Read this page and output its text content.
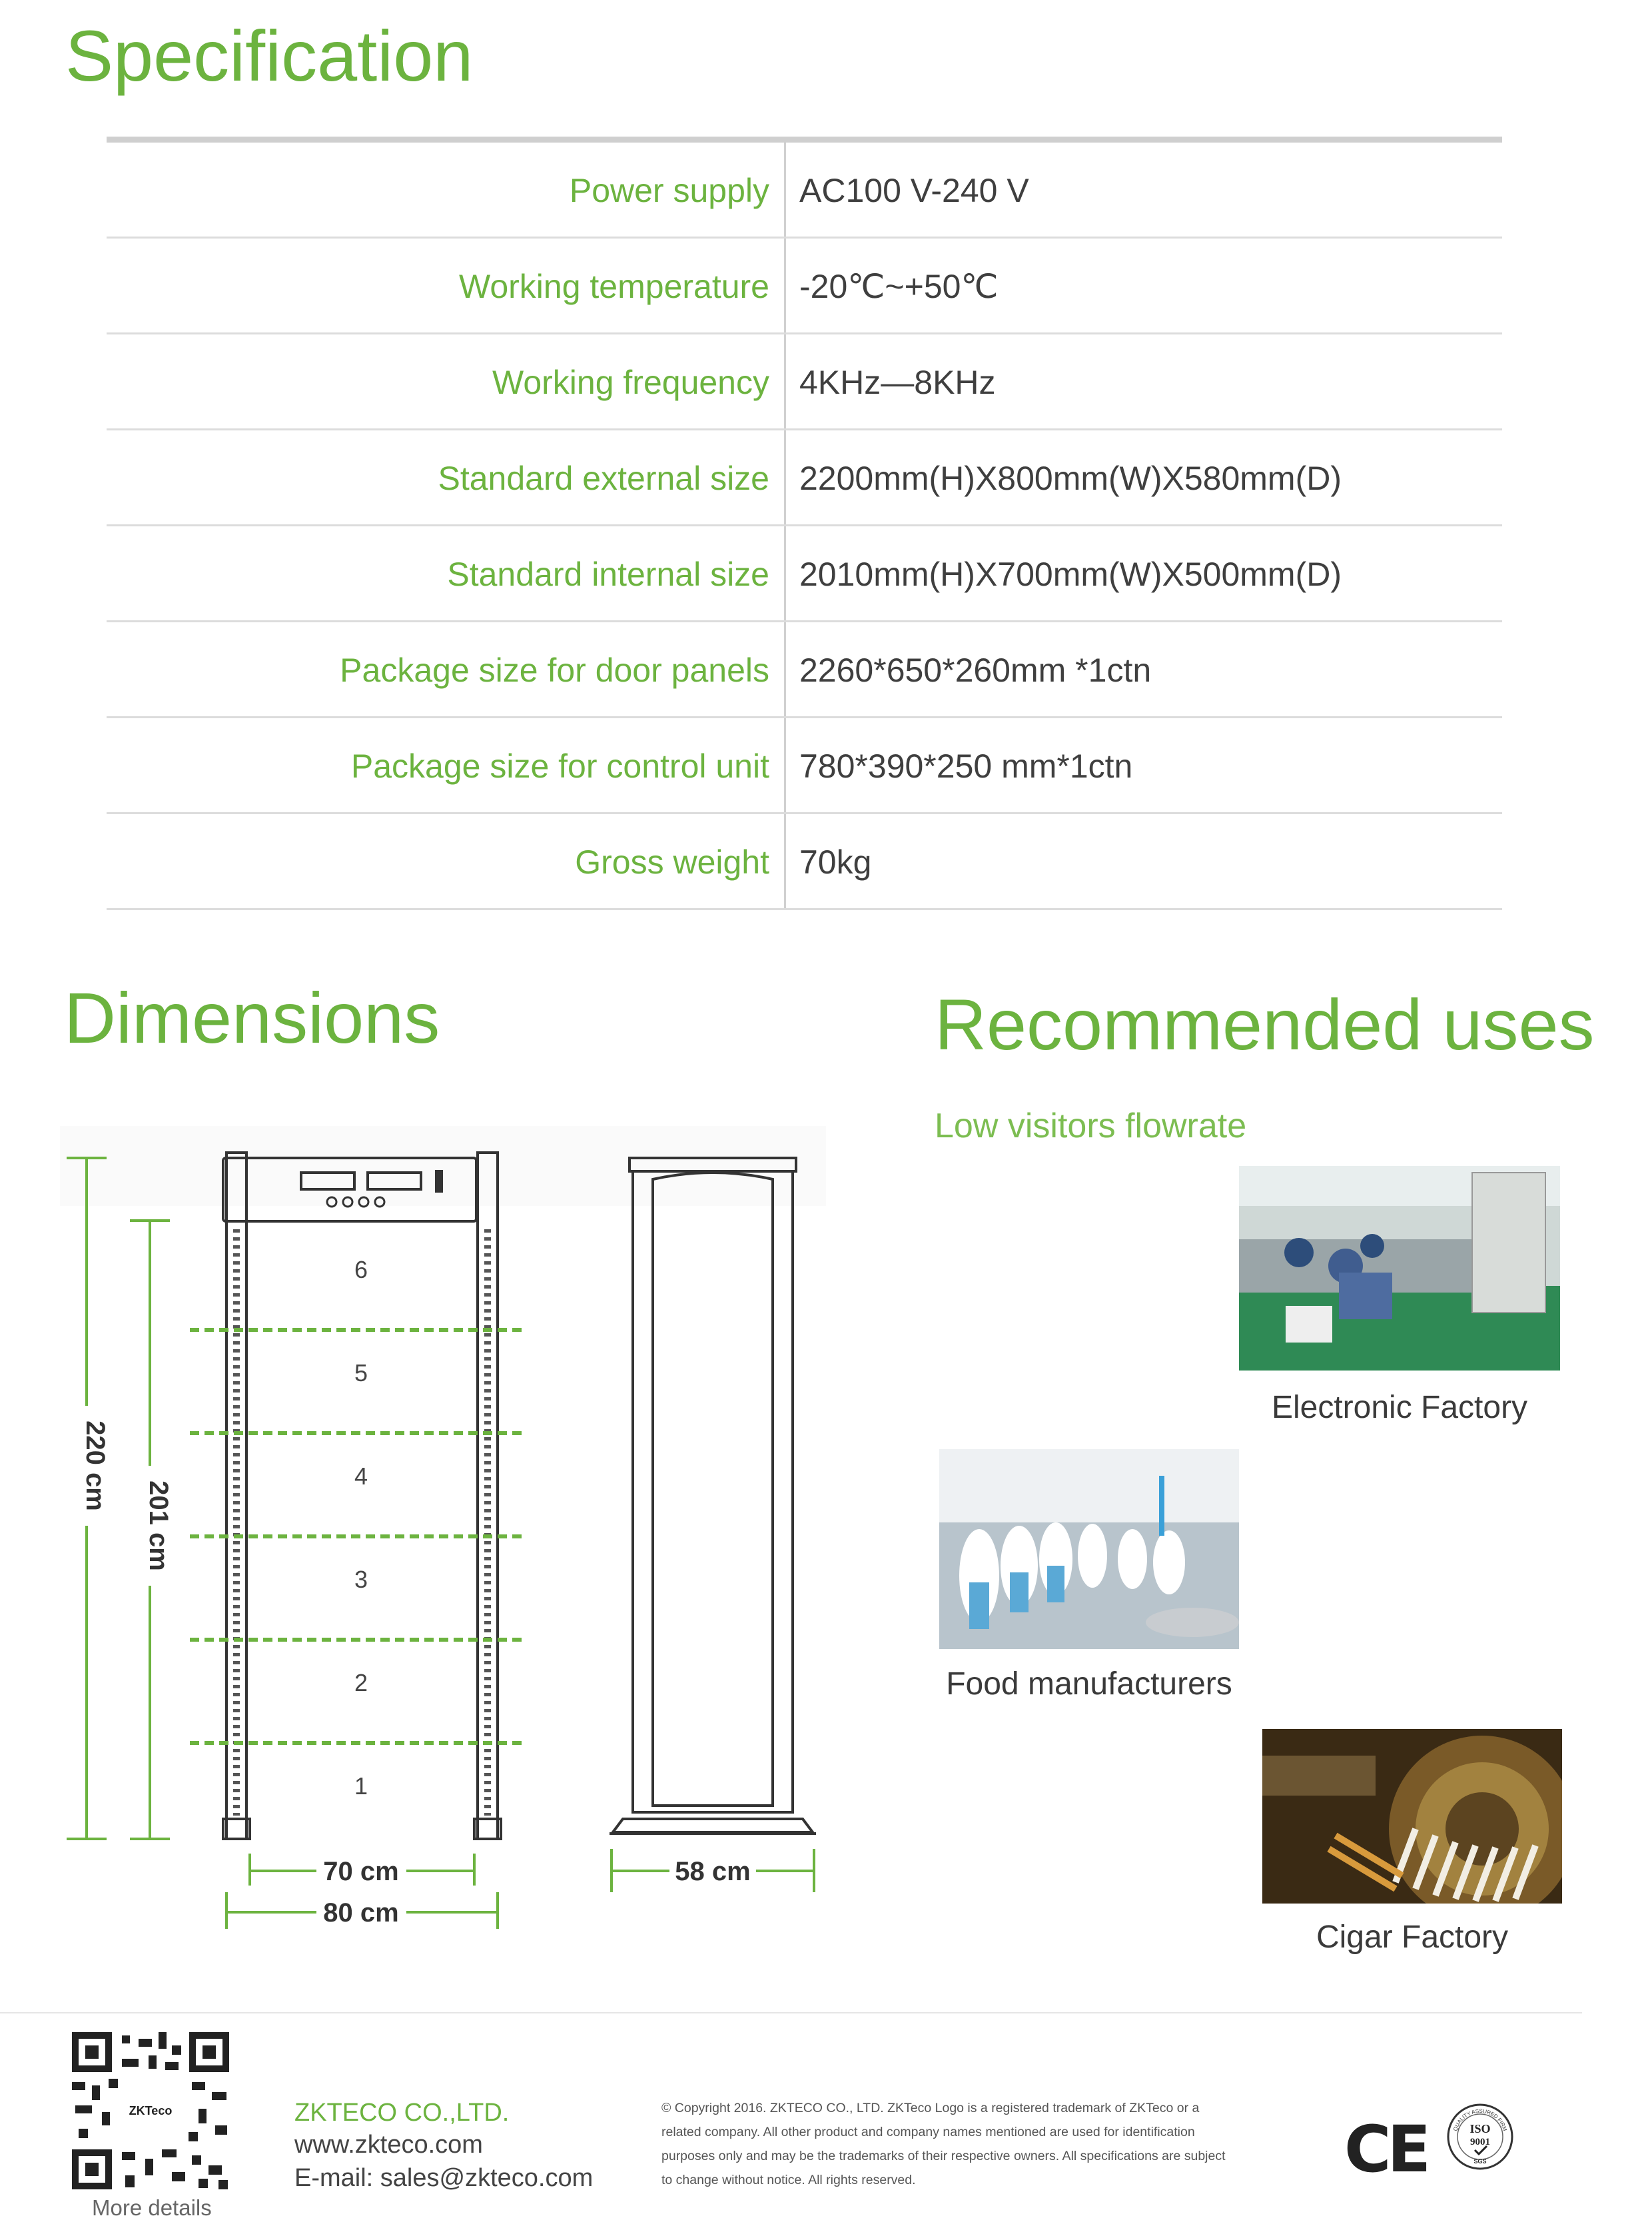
Specification
Power supply AC100 V-240 V
Working temperature -20℃~+50℃
Working frequency 4KHz—8KHz
Standard external size 2200mm(H)X800mm(W)X580mm(D)
Standard internal size 2010mm(H)X700mm(W)X500mm(D)
Package size for door panels 2260*650*260mm *1ctn
Package size for control unit 780*390*250 mm*1ctn
Gross weight 70kg
Dimensions
220 cm
201 cm
6
5
4
3
2
1
70 cm
80 cm
58 cm
Recommended uses
Low visitors flowrate
Electronic Factory
Food manufacturers
Cigar Factory
ZKTeco
More details
ZKTECO CO.,LTD.
www.zkteco.com
E-mail: sales@zkteco.com
© Copyright 2016. ZKTECO CO., LTD. ZKTeco Logo is a registered trademark of ZKTeco or a related company. All other product and company names mentioned are used for identification purposes only and may be the trademarks of their respective owners. All specifications are subject to change without notice. All rights reserved.	CE	QUALITY ASSURED FIRM
ISO
9001
SGS
